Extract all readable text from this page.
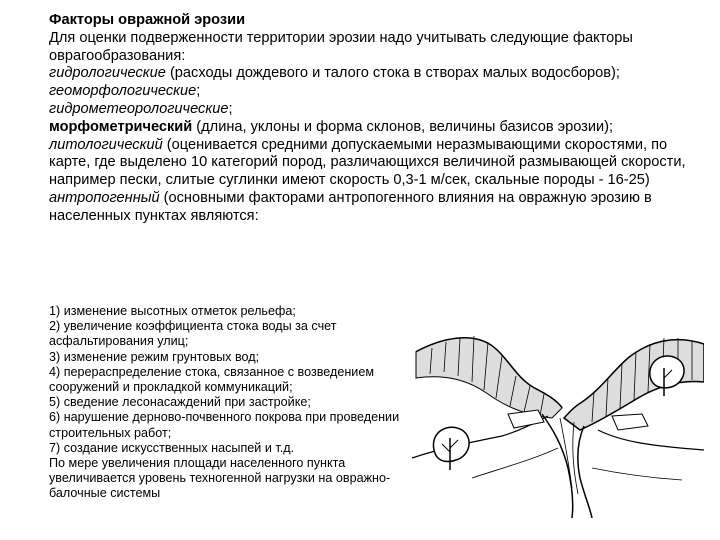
Факторы овражной эрозии

Для оценки подверженности территории эрозии надо учитывать следующие факторы оврагообразования:

гидрологические (расходы дождевого и талого стока в створах малых водосборов);

геоморфологические;

гидрометеорологические;

морфометрический (длина, уклоны и форма склонов, величины базисов эрозии);

литологический (оценивается средними допускаемыми неразмывающими скоростями, по карте, где выделено 10 категорий пород, различающихся величиной размывающей скорости, например пески, слитые суглинки имеют скорость 0,3-1 м/сек, скальные породы - 16-25)

антропогенный (основными факторами антропогенного влияния на овражную эрозию в населенных пунктах являются:

1) изменение высотных отметок рельефа;

2) увеличение коэффициента стока воды за счет асфальтирования улиц;

3) изменение режим грунтовых вод;

4) перераспределение стока, связанное с возведением сооружений и прокладкой коммуникаций;

5) сведение лесонасаждений при застройке;

6) нарушение дерново-почвенного покрова при проведении строительных работ;

7) создание искусственных насыпей и т.д.

По мере увеличения площади населенного пункта увеличивается уровень техногенной нагрузки на овражно-балочные системы
